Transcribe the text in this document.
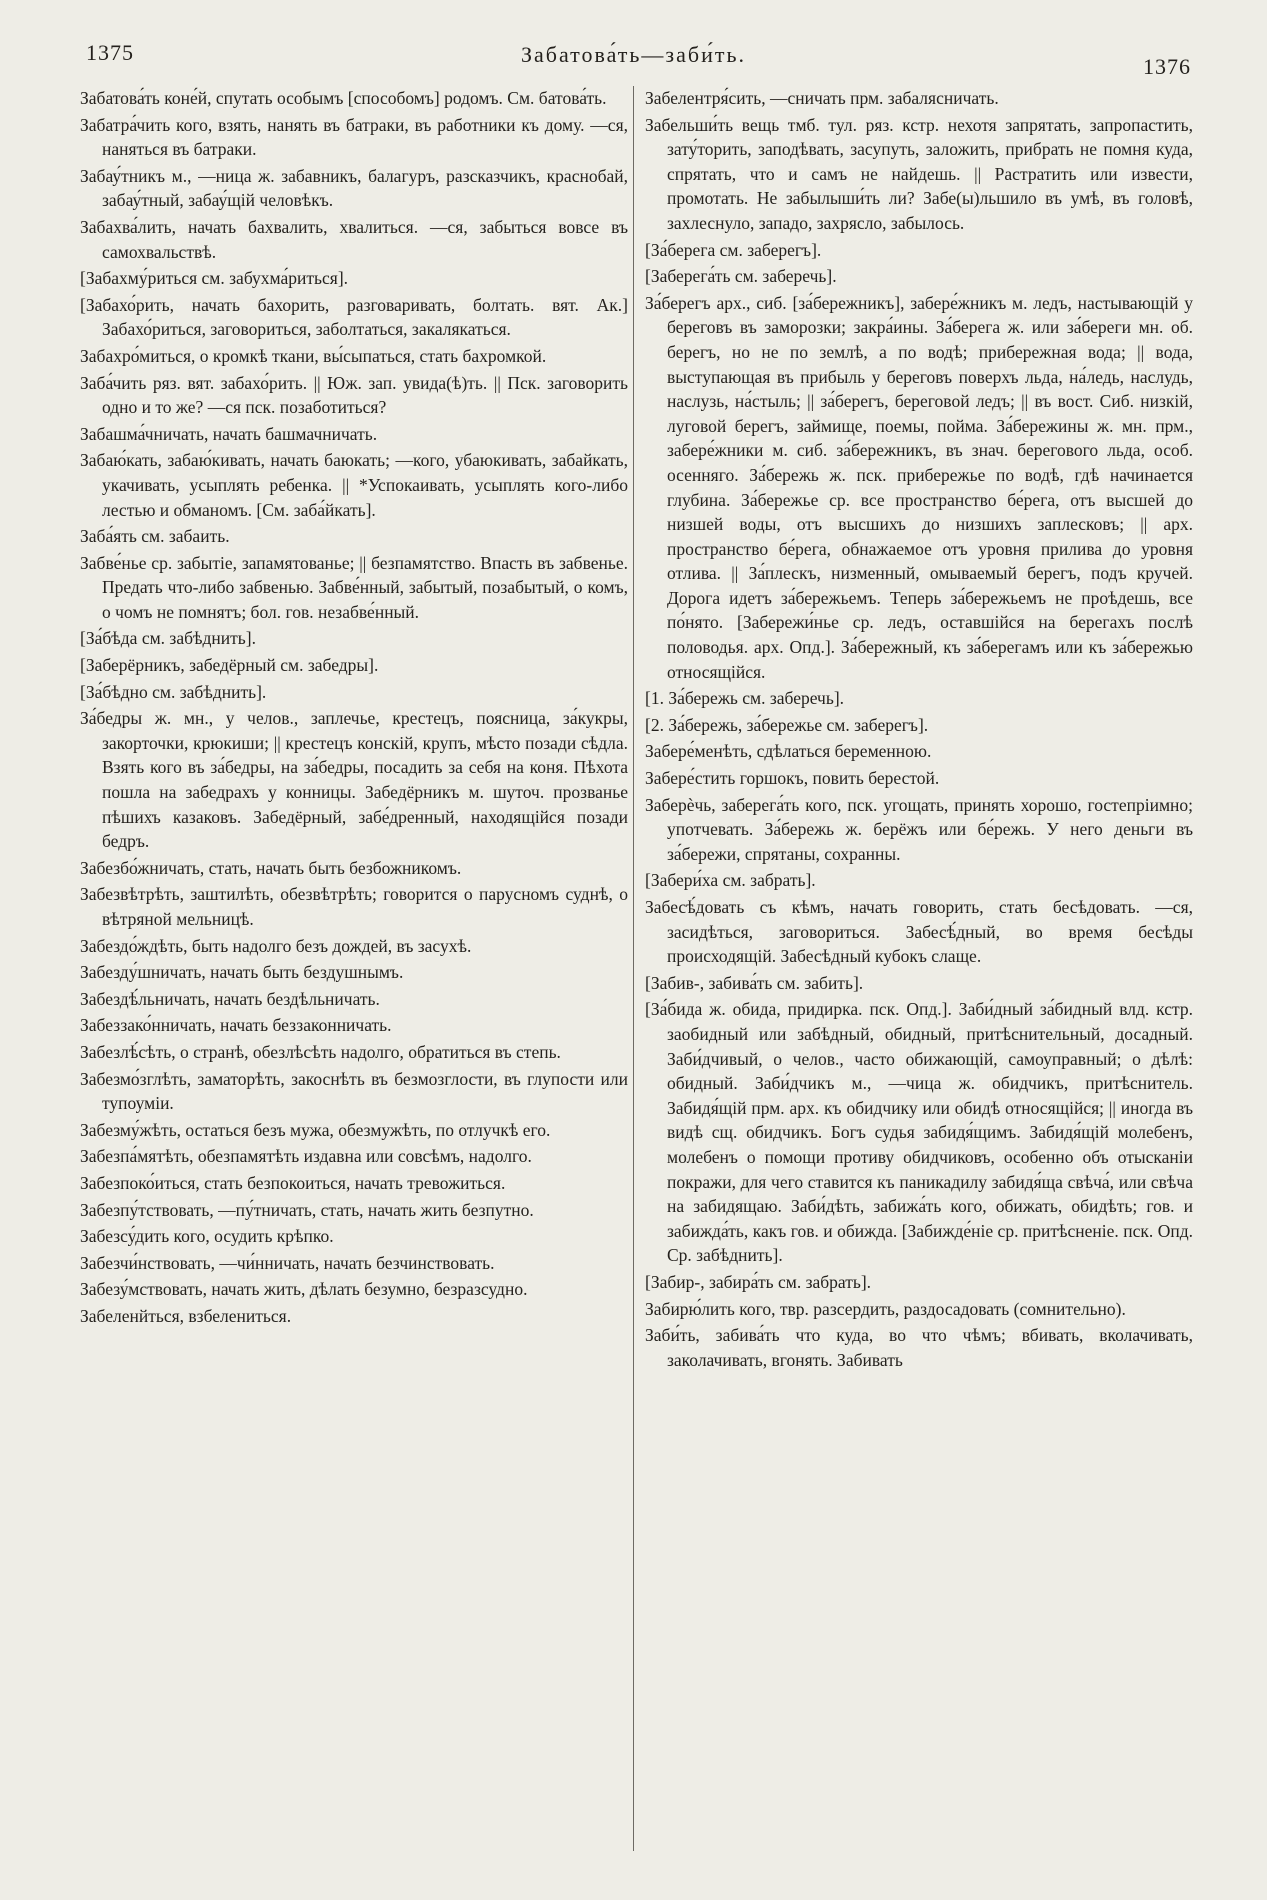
1375	Забатова́ть—заби́ть.	1376

Забатова́ть коне́й, спутать особымъ [способомъ] родомъ. См. батова́ть.

Забатра́чить кого, взять, нанять въ батраки, въ работники къ дому. —ся, наняться въ батраки.

Забау́тникъ м., —ница ж. забавникъ, балагуръ, разсказчикъ, краснобай, забау́тный, забау́щій человѣкъ.

Забахва́лить, начать бахвалить, хвалиться. —ся, забыться вовсе въ самохвальствѣ.

[Забахму́риться см. забухма́риться].

[Забахо́рить, начать бахорить, разговаривать, болтать. вят. Ак.] Забахо́риться, заговориться, заболтаться, закалякаться.

Забахро́миться, о кромкѣ ткани, вы́сыпаться, стать бахромкой.

Заба́чить ряз. вят. забахо́рить. || Юж. зап. увида(ѣ)ть. || Пск. заговорить одно и то же? —ся пск. позаботиться?

Забашма́чничать, начать башмачничать.

Забаю́кать, забаю́кивать, начать баюкать; —кого, убаюкивать, забайкать, укачивать, усыплять ребенка. || *Успокаивать, усыплять кого-либо лестью и обманомъ. [См. заба́йкать].

Заба́ять см. забаить.

Забве́нье ср. забытіе, запамятованье; || безпамятство. Впасть въ забвенье. Предать что-либо забвенью. Забве́нный, забытый, позабытый, о комъ, о чомъ не помнятъ; бол. гов. незабве́нный.

[За́бѣда см. забѣднить].

[Заберёрникъ, забедёрный см. забедры].

[За́бѣдно см. забѣднить].

За́бедры ж. мн., у челов., заплечье, крестецъ, поясница, за́кукры, закорточки, крюкиши; || крестецъ конскій, крупъ, мѣсто позади сѣдла. Взять кого въ за́бедры, на за́бедры, посадить за себя на коня. Пѣхота пошла на забедрахъ у конницы. Забедёрникъ м. шуточ. прозванье пѣшихъ казаковъ. Забедёрный, забе́дренный, находящійся позади бедръ.

Забезбо́жничать, стать, начать быть безбожникомъ.

Забезвѣтрѣть, заштилѣть, обезвѣтрѣть; говорится о парусномъ суднѣ, о вѣтряной мельницѣ.

Забездо́ждѣть, быть надолго безъ дождей, въ засухѣ.

Забезду́шничать, начать быть бездушнымъ.

Забездѣ́льничать, начать бездѣльничать.

Забеззако́нничать, начать беззаконничать.

Забезлѣ́сѣть, о странѣ, обезлѣсѣть надолго, обратиться въ степь.

Забезмо́зглѣть, заматорѣть, закоснѣть въ безмозглости, въ глупости или тупоуміи.

Забезму́жѣть, остаться безъ мужа, обезмужѣть, по отлучкѣ его.

Забезпа́мятѣть, обезпамятѣть издавна или совсѣмъ, надолго.

Забезпоко́иться, стать безпокоиться, начать тревожиться.

Забезпу́тствовать, —пу́тничать, стать, начать жить безпутно.

Забезсу́дить кого, осудить крѣпко.

Забезчи́нствовать, —чи́нничать, начать безчинствовать.

Забезу́мствовать, начать жить, дѣлать безумно, безразсудно.

Забеленйться, взбелениться.

Забелентря́сить, —сничать прм. забалясничать.

Забельши́ть вещь тмб. тул. ряз. кстр. нехотя запрятать, запропастить, зату́торить, заподѣвать, засупуть, заложить, прибрать не помня куда, спрятать, что и самъ не найдешь. || Растратить или извести, промотать. Не забылыши́ть ли? Забе(ы)льшило въ умѣ, въ головѣ, захлеснуло, западо, захрясло, забылось.

[За́берега см. заберегъ].

[Заберега́ть см. заберечь].

За́берегъ арх., сиб. [за́бережникъ], забере́жникъ м. ледъ, настывающій у береговъ въ заморозки; закра́ины. За́берега ж. или за́береги мн. об. берегъ, но не по землѣ, а по водѣ; прибережная вода; || вода, выступающая въ прибыль у береговъ поверхъ льда, на́ледь, наслудь, наслузь, на́стыль; || за́берегъ, береговой ледъ; || въ вост. Сиб. низкій, луговой берегъ, займище, поемы, пойма. За́бережины ж. мн. прм., забере́жники м. сиб. за́бережникъ, въ знач. берегового льда, особ. осенняго. За́бережь ж. пск. прибережье по водѣ, гдѣ начинается глубина. За́бережье ср. все пространство бе́рега, отъ высшей до низшей воды, отъ высшихъ до низшихъ заплесковъ; || арх. пространство бе́рега, обнажаемое отъ уровня прилива до уровня отлива. || За́плескъ, низменный, омываемый берегъ, подъ кручей. Дорога идетъ за́бережьемъ. Теперь за́бережьемъ не проѣдешь, все по́нято. [Забережи́нье ср. ледъ, оставшійся на берегахъ послѣ половодья. арх. Опд.]. За́бережный, къ за́берегамъ или къ за́бережью относящійся.

[1. За́бережь см. заберечь].

[2. За́бережь, за́бережье см. заберегъ].

Забере́менѣть, сдѣлаться беременною.

Забере́стить горшокъ, повить берестой.

Заберѐчь, заберега́ть кого, пск. угощать, принять хорошо, гостепріимно; употчевать. За́бережь ж. берёжъ или бе́режь. У него деньги въ за́бережи, спрятаны, сохранны.

[Забери́ха см. забрать].

Забесѣ́довать съ кѣмъ, начать говорить, стать бесѣдовать. —ся, засидѣться, заговориться. Забесѣ́дный, во время бесѣды происходящій. Забесѣдный кубокъ слаще.

[Забив-, забива́ть см. забить].

[За́бида ж. обида, придирка. пск. Опд.]. Заби́дный за́бидный влд. кстр. заобидный или забѣдный, обидный, притѣснительный, досадный. Заби́дчивый, о челов., часто обижающій, самоуправный; о дѣлѣ: обидный. Заби́дчикъ м., —чица ж. обидчикъ, притѣснитель. Забидя́щій прм. арх. къ обидчику или обидѣ относящійся; || иногда въ видѣ сщ. обидчикъ. Богъ судья забидя́щимъ. Забидя́щій молебенъ, молебенъ о помощи противу обидчиковъ, особенно объ отысканіи покражи, для чего ставится къ паникадилу забидя́ща свѣча́, или свѣча на забидящаю. Заби́дѣть, забижа́ть кого, обижать, обидѣть; гов. и забижда́ть, какъ гов. и обижда. [Забижде́ніе ср. притѣсненіе. пск. Опд. Ср. забѣднить].

[Забир-, забира́ть см. забрать].

Забирю́лить кого, твр. разсердить, раздосадовать (сомнительно).

Заби́ть, забива́ть что куда, во что чѣмъ; вбивать, вколачивать, заколачивать, вгонять. Забивать
